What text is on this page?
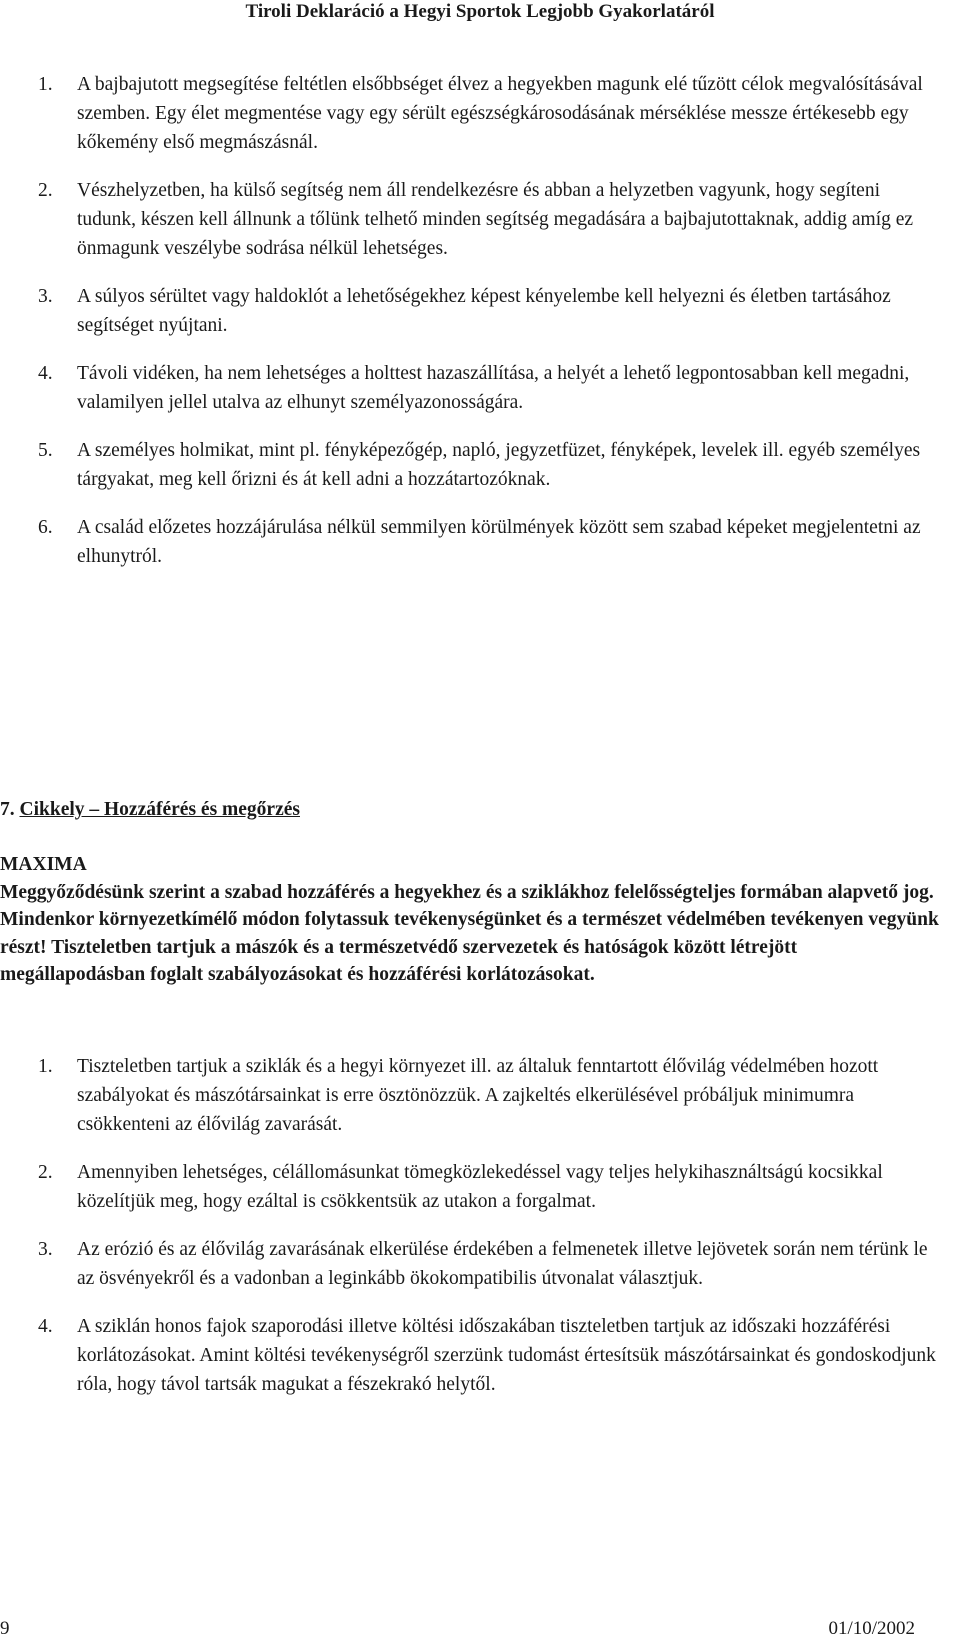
Tiroli Deklaráció a Hegyi Sportok Legjobb Gyakorlatáról
1. A bajbajutott megsegítése feltétlen elsőbbséget élvez a hegyekben magunk elé tűzött célok megvalósításával szemben. Egy élet megmentése vagy egy sérült egészségkárosodásának mérséklése messze értékesebb egy kőkemény első megmászásnál.
2. Vészhelyzetben, ha külső segítség nem áll rendelkezésre és abban a helyzetben vagyunk, hogy segíteni tudunk, készen kell állnunk a tőlünk telhető minden segítség megadására a bajbajutottaknak, addig amíg ez önmagunk veszélybe sodrása nélkül lehetséges.
3. A súlyos sérültet vagy haldoklót a lehetőségekhez képest kényelembe kell helyezni és életben tartásához segítséget nyújtani.
4. Távoli vidéken, ha nem lehetséges a holttest hazaszállítása, a helyét a lehető legpontosabban kell megadni, valamilyen jellel utalva az elhunyt személyazonosságára.
5. A személyes holmikat, mint pl. fényképezőgép, napló, jegyzetfüzet, fényképek, levelek ill. egyéb személyes tárgyakat, meg kell őrizni és át kell adni a hozzátartozóknak.
6. A család előzetes hozzájárulása nélkül semmilyen körülmények között sem szabad képeket megjelentetni az elhunytról.
7. Cikkely – Hozzáférés és megőrzés
MAXIMA
Meggyőződésünk szerint a szabad hozzáférés a hegyekhez és a sziklákhoz felelősségteljes formában alapvető jog. Mindenkor környezetkímélő módon folytassuk tevékenységünket és a természet védelmében tevékenyen vegyünk részt! Tiszteletben tartjuk a mászók és a természetvédő szervezetek és hatóságok között létrejött megállapodásban foglalt szabályozásokat és hozzáférési korlátozásokat.
1. Tiszteletben tartjuk a sziklák és a hegyi környezet ill. az általuk fenntartott élővilág védelmében hozott szabályokat és mászótársainkat is erre ösztönözzük. A zajkeltés elkerülésével próbáljuk minimumra csökkenteni az élővilág zavarását.
2. Amennyiben lehetséges, célállomásunkat tömegközlekedéssel vagy teljes helykihasználtságú kocsikkal közelítjük meg, hogy ezáltal is csökkentsük az utakon a forgalmat.
3. Az erózió és az élővilág zavarásának elkerülése érdekében a felmenetek illetve lejövetek során nem térünk le az ösvényekről és a vadonban a leginkább ökokompatibilis útvonalat választjuk.
4. A sziklán honos fajok szaporodási illetve költési időszakában tiszteletben tartjuk az időszaki hozzáférési korlátozásokat. Amint költési tevékenységről szerzünk tudomást értesítsük mászótársainkat és gondoskodjunk róla, hogy távol tartsák magukat a fészekrakó helytől.
9	01/10/2002
